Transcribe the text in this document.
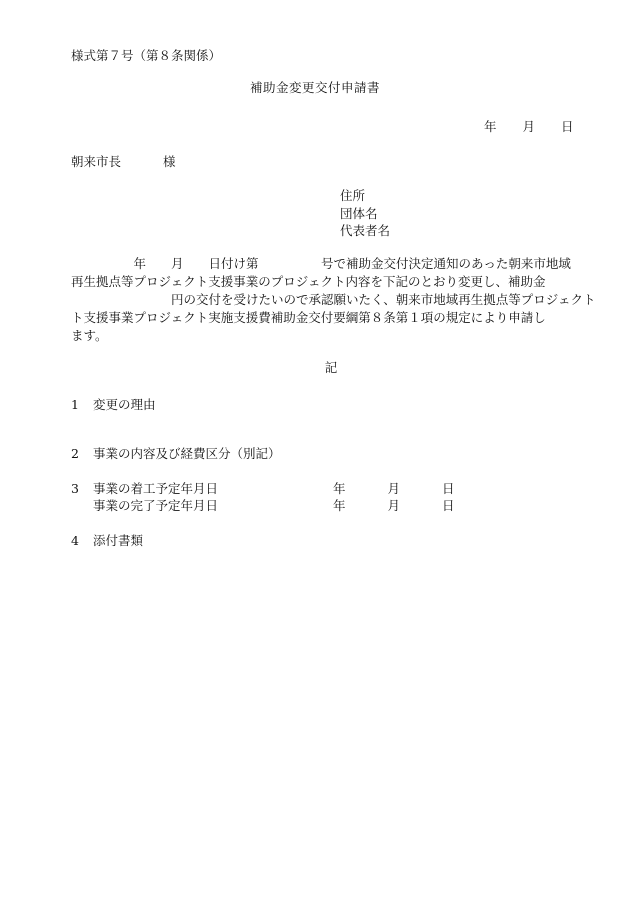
様式第７号（第８条関係）
補助金変更交付申請書
年 月 日
朝来市長	様
住所
団体名
代表者名
　　　　　年　　月　　日付け第　　　　　号で補助金交付決定通知のあった朝来市地域
再生拠点等プロジェクト支援事業のプロジェクト内容を下記のとおり変更し、補助金
　　　　　　　　円の交付を受けたいので承認願いたく、朝来市地域再生拠点等プロジェクト
ト支援事業プロジェクト実施支援費補助金交付要綱第８条第１項の規定により申請し
ます。
記
1 変更の理由
2 事業の内容及び経費区分（別記）
3 事業の着工予定年月日	年	月	日
事業の完了予定年月日	年	月	日
4 添付書類
